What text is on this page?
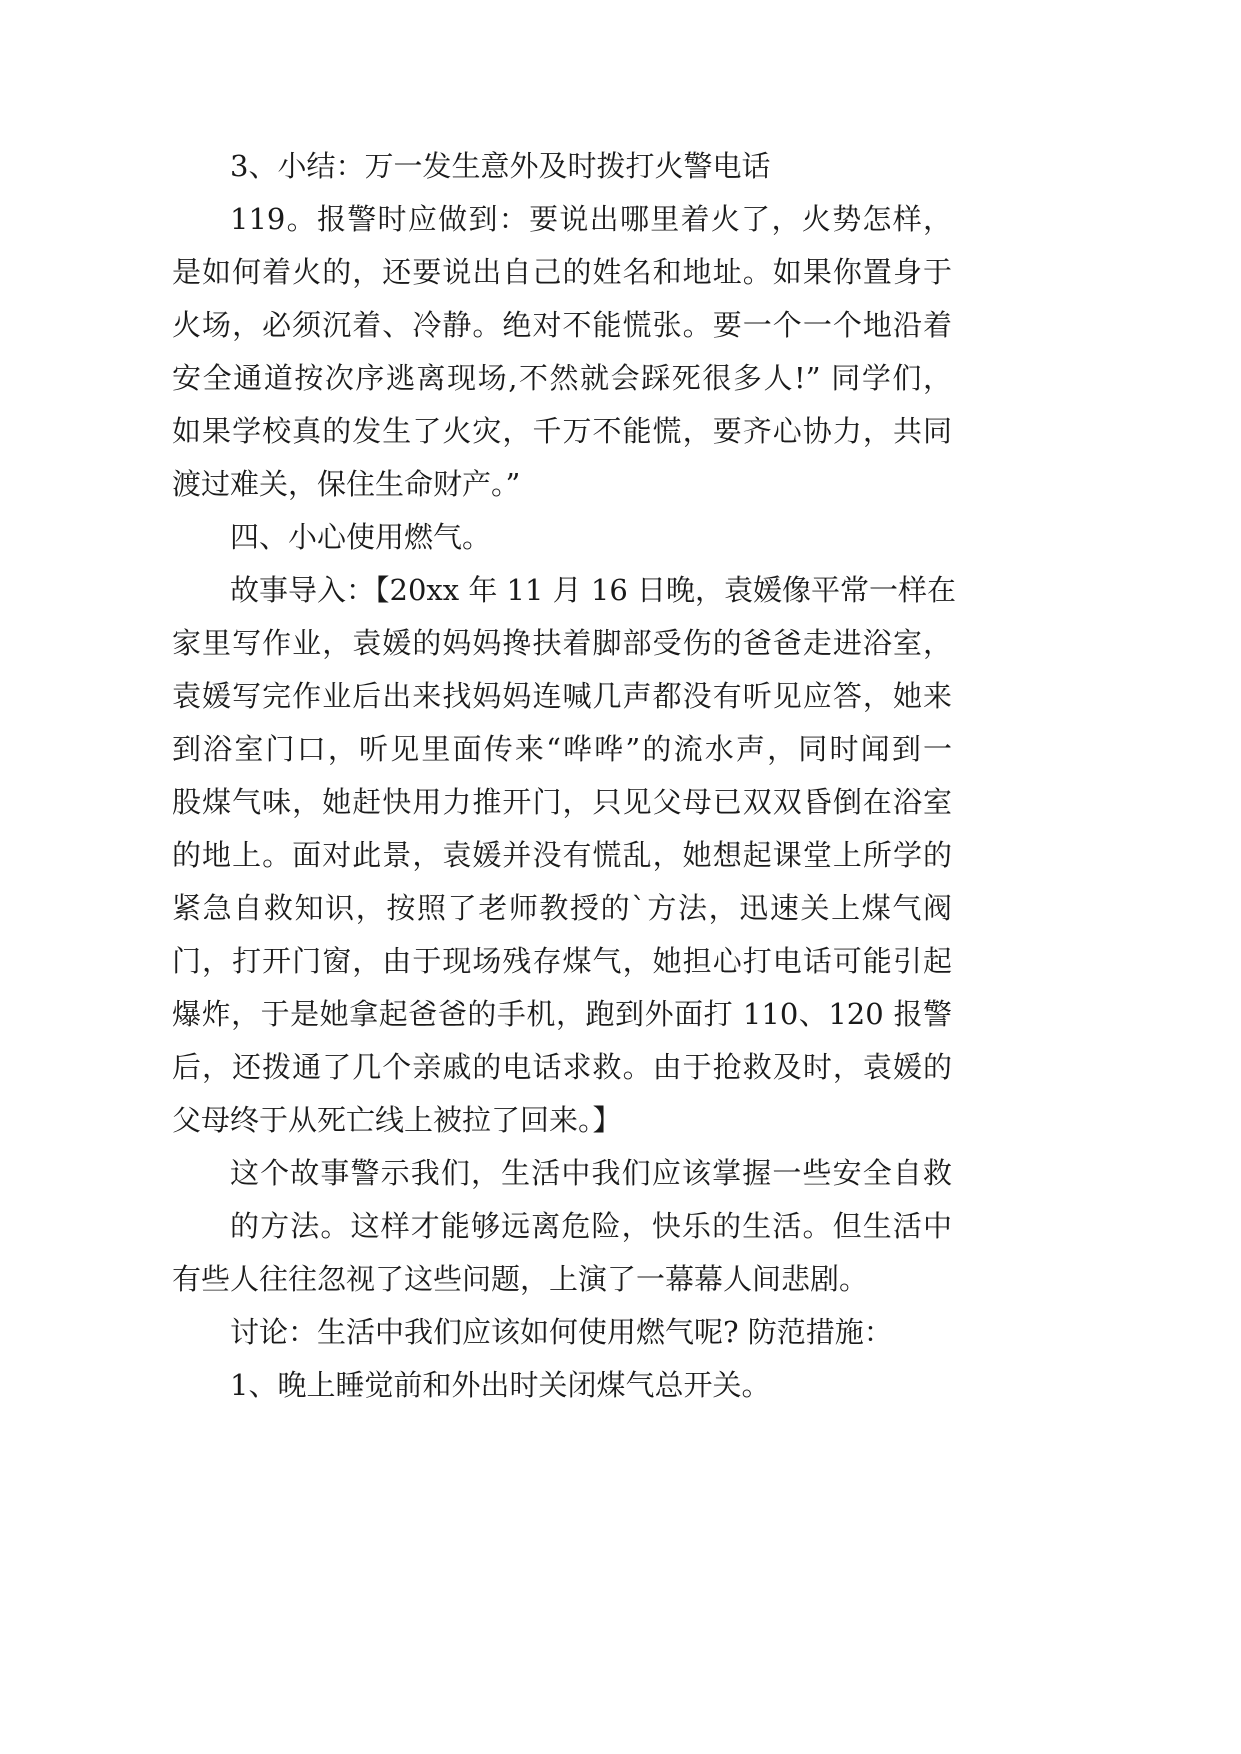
3、小结：万一发生意外及时拨打火警电话
119。报警时应做到：要说出哪里着火了，火势怎样，
是如何着火的，还要说出自己的姓名和地址。如果你置身于
火场，必须沉着、冷静。绝对不能慌张。要一个一个地沿着
安全通道按次序逃离现场,不然就会踩死很多人!” 同学们，
如果学校真的发生了火灾，千万不能慌，要齐心协力，共同
渡过难关，保住生命财产。”
四、小心使用燃气。
故事导入：【20xx 年 11 月 16 日晚，袁媛像平常一样在
家里写作业，袁媛的妈妈搀扶着脚部受伤的爸爸走进浴室，
袁媛写完作业后出来找妈妈连喊几声都没有听见应答，她来
到浴室门口，听见里面传来“哗哗”的流水声，同时闻到一
股煤气味，她赶快用力推开门，只见父母已双双昏倒在浴室
的地上。面对此景，袁媛并没有慌乱，她想起课堂上所学的
紧急自救知识，按照了老师教授的`方法，迅速关上煤气阀
门，打开门窗，由于现场残存煤气，她担心打电话可能引起
爆炸，于是她拿起爸爸的手机，跑到外面打 110、120 报警
后，还拨通了几个亲戚的电话求救。由于抢救及时，袁媛的
父母终于从死亡线上被拉了回来。】
这个故事警示我们，生活中我们应该掌握一些安全自救
的方法。这样才能够远离危险，快乐的生活。但生活中
有些人往往忽视了这些问题，上演了一幕幕人间悲剧。
讨论：生活中我们应该如何使用燃气呢? 防范措施：
1、晚上睡觉前和外出时关闭煤气总开关。
